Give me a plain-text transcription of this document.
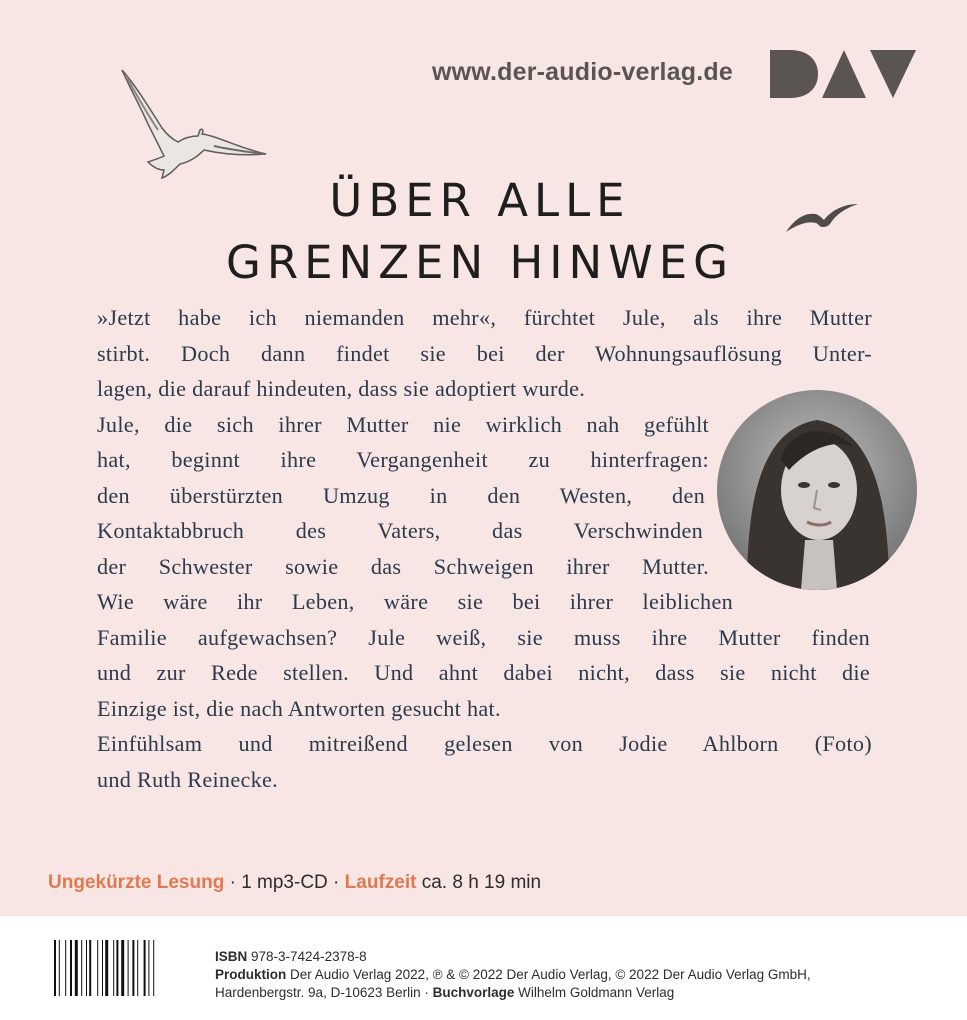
www.der-audio-verlag.de
ÜBER ALLE
GRENZEN HINWEG
»Jetzt habe ich niemanden mehr«, fürchtet Jule, als ihre Mutter
stirbt. Doch dann findet sie bei der Wohnungsauflösung Unter-
lagen, die darauf hindeuten, dass sie adoptiert wurde.
Jule, die sich ihrer Mutter nie wirklich nah gefühlt
hat, beginnt ihre Vergangenheit zu hinterfragen:
den überstürzten Umzug in den Westen, den
Kontaktabbruch des Vaters, das Verschwinden
der Schwester sowie das Schweigen ihrer Mutter.
Wie wäre ihr Leben, wäre sie bei ihrer leiblichen
Familie aufgewachsen? Jule weiß, sie muss ihre Mutter finden
und zur Rede stellen. Und ahnt dabei nicht, dass sie nicht die
Einzige ist, die nach Antworten gesucht hat.
Einfühlsam und mitreißend gelesen von Jodie Ahlborn (Foto)
und Ruth Reinecke.
Ungekürzte Lesung · 1 mp3-CD · Laufzeit ca. 8 h 19 min
ISBN 978-3-7424-2378-8
Produktion Der Audio Verlag 2022, ℗ & © 2022 Der Audio Verlag, © 2022 Der Audio Verlag GmbH,
Hardenbergstr. 9a, D-10623 Berlin · Buchvorlage Wilhelm Goldmann Verlag
